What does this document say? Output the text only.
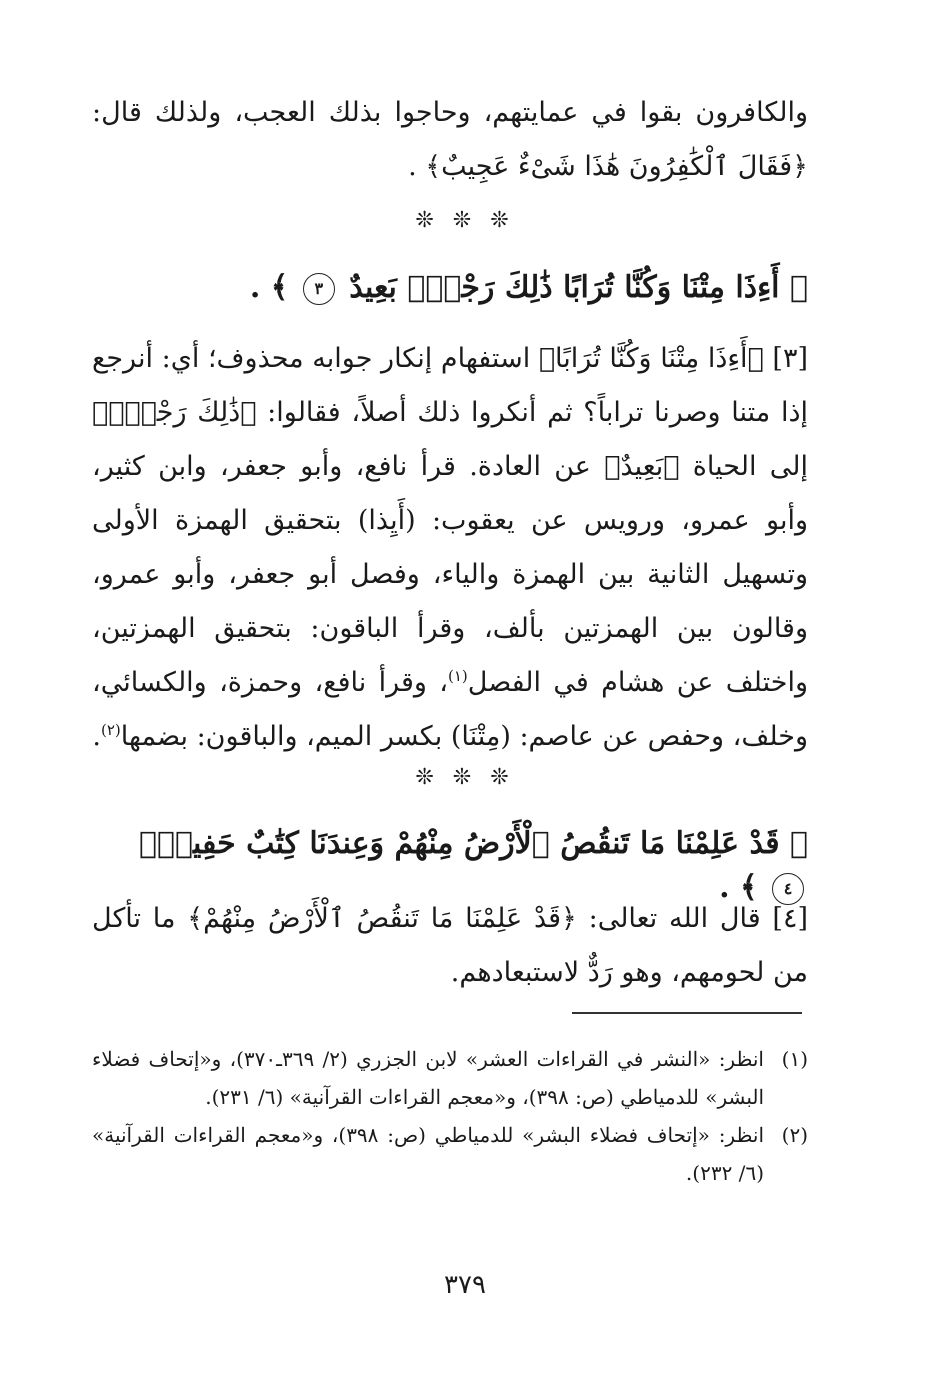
والكافرون بقوا في عمايتهم، وحاجوا بذلك العجب، ولذلك قال: ﴿فَقَالَ ٱلْكَٰفِرُونَ هَٰذَا شَىْءٌ عَجِيبٌ﴾ .

❊ ❊ ❊
﴿ أَءِذَا مِتْنَا وَكُنَّا تُرَابًا ذَٰلِكَ رَجْعٌۢ بَعِيدٌ ٣ ﴾ .

[٣] ﴿أَءِذَا مِتْنَا وَكُنَّا تُرَابًا﴾ استفهام إنكار جوابه محذوف؛ أي: أنرجع إذا متنا وصرنا تراباً؟ ثم أنكروا ذلك أصلاً، فقالوا: ﴿ذَٰلِكَ رَجْعٌۢ﴾ إلى الحياة ﴿بَعِيدٌ﴾ عن العادة. قرأ نافع، وأبو جعفر، وابن كثير، وأبو عمرو، ورويس عن يعقوب: (أَيِذا) بتحقيق الهمزة الأولى وتسهيل الثانية بين الهمزة والياء، وفصل أبو جعفر، وأبو عمرو، وقالون بين الهمزتين بألف، وقرأ الباقون: بتحقيق الهمزتين، واختلف عن هشام في الفصل$^{(١)}$، وقرأ نافع، وحمزة، والكسائي، وخلف، وحفص عن عاصم: (مِتْنَا) بكسر الميم، والباقون: بضمها$^{(٢)}$.

❊ ❊ ❊
﴿ قَدْ عَلِمْنَا مَا تَنقُصُ ٱلْأَرْضُ مِنْهُمْ وَعِندَنَا كِتَٰبٌ حَفِيظٌۢ ٤ ﴾ .

[٤] قال الله تعالى: ﴿قَدْ عَلِمْنَا مَا تَنقُصُ ٱلْأَرْضُ مِنْهُمْ﴾ ما تأكل من لحومهم، وهو رَدٌّ لاستبعادهم.

(١)
انظر: «النشر في القراءات العشر» لابن الجزري (٢/ ٣٦٩ـ٣٧٠)، و«إتحاف فضلاء البشر» للدمياطي (ص: ٣٩٨)، و«معجم القراءات القرآنية» (٦/ ٢٣١).
(٢)
انظر: «إتحاف فضلاء البشر» للدمياطي (ص: ٣٩٨)، و«معجم القراءات القرآنية» (٦/ ٢٣٢).
٣٧٩
